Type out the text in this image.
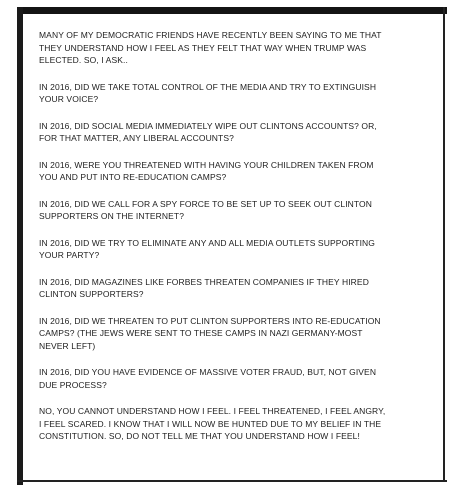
MANY OF MY DEMOCRATIC FRIENDS HAVE RECENTLY BEEN SAYING TO ME THAT
THEY UNDERSTAND HOW I FEEL AS THEY FELT THAT WAY WHEN TRUMP WAS
ELECTED. SO, I ASK..

IN 2016, DID WE TAKE TOTAL CONTROL OF THE MEDIA AND TRY TO EXTINGUISH
YOUR VOICE?

IN 2016, DID SOCIAL MEDIA IMMEDIATELY WIPE OUT CLINTONS ACCOUNTS? OR,
FOR THAT MATTER, ANY LIBERAL ACCOUNTS?

IN 2016, WERE YOU THREATENED WITH HAVING YOUR CHILDREN TAKEN FROM
YOU AND PUT INTO RE-EDUCATION CAMPS?

IN 2016, DID WE CALL FOR A SPY FORCE TO BE SET UP TO SEEK OUT CLINTON
SUPPORTERS ON THE INTERNET?

IN 2016, DID WE TRY TO ELIMINATE ANY AND ALL MEDIA OUTLETS SUPPORTING
YOUR PARTY?

IN 2016, DID MAGAZINES LIKE FORBES THREATEN COMPANIES IF THEY HIRED
CLINTON SUPPORTERS?

IN 2016, DID WE THREATEN TO PUT CLINTON SUPPORTERS INTO RE-EDUCATION
CAMPS? (THE JEWS WERE SENT TO THESE CAMPS IN NAZI GERMANY-MOST
NEVER LEFT)

IN 2016, DID YOU HAVE EVIDENCE OF MASSIVE VOTER FRAUD, BUT, NOT GIVEN
DUE PROCESS?

NO, YOU CANNOT UNDERSTAND HOW I FEEL. I FEEL THREATENED, I FEEL ANGRY,
I FEEL SCARED. I KNOW THAT I WILL NOW BE HUNTED DUE TO MY BELIEF IN THE
CONSTITUTION. SO, DO NOT TELL ME THAT YOU UNDERSTAND HOW I FEEL!
